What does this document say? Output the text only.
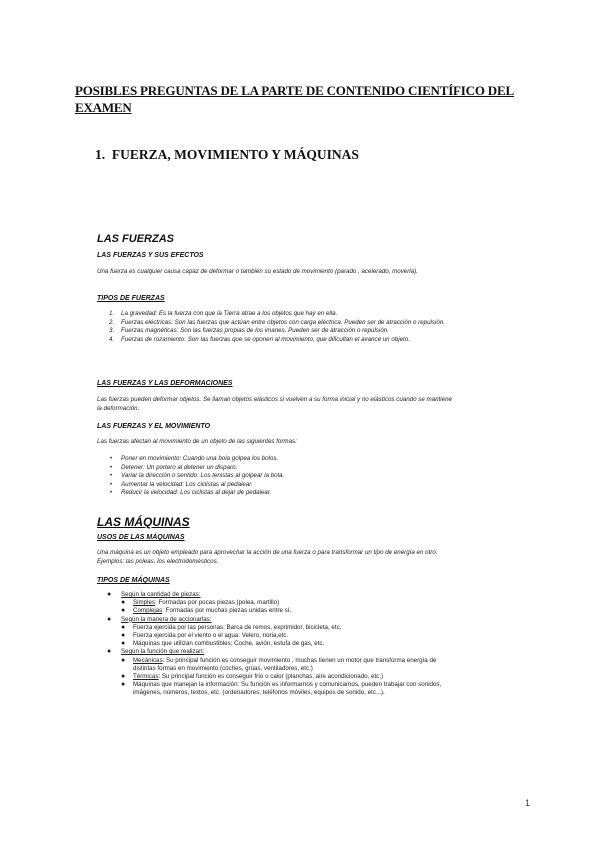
POSIBLES PREGUNTAS DE LA PARTE DE CONTENIDO CIENTÍFICO DEL EXAMEN
1. FUERZA, MOVIMIENTO Y MÁQUINAS
LAS FUERZAS
LAS FUERZAS Y SUS EFECTOS
Una fuerza es cualquier causa capaz de deformar o también su estado de movimiento (parado , acelerado, moverla).
TIPOS DE FUERZAS
1. La gravedad: Es la fuerza con que la Tierra atrae a los objetos que hay en ella.
2. Fuerzas eléctricas: Son las fuerzas que actúan entre objetos con carga eléctrica. Pueden ser de atracción o repulsión.
3. Fuerzas magnéticas: Son las fuerzas propias de los imanes. Pueden ser de atracción o repulsión.
4. Fuerzas de rozamiento: Son las fuerzas que se oponen al movimiento, que dificultan el avance un objeto.
LAS FUERZAS Y LAS DEFORMACIONES
Las fuerzas pueden deformar objetos. Se llaman objetos elásticos si vuelven a su forma inicial y no elásticos cuando se mantiene la deformación.
LAS FUERZAS Y EL MOVIMIENTO
Las fuerzas afectan al movimiento de un objeto de las siguientes formas:
• Poner en movimiento: Cuando una bola golpea los bolos.
• Detener: Un portero al detener un disparo.
• Variar la dirección o sentido: Los tenistas al golpear la bola.
• Aumentar la velocidad: Los ciclistas al pedalear.
• Reducir la velocidad: Los ciclistas al dejar de pedalear.
LAS MÁQUINAS
USOS DE LAS MÁQUINAS
Una máquina es un objeto empleado para aprovechar la acción de una fuerza o para transformar un tipo de energía en otro. Ejemplos: las poleas, los electrodomésticos.
TIPOS DE MÁQUINAS
● Según la cantidad de piezas:
● Simples: Formadas por pocas piezas (polea, martillo)
● Complejas: Formadas por muchas piezas unidas entre sí.
● Según la manera de accionarlas:
● Fuerza ejercida por las personas: Barca de remos, exprimidor, bicicleta, etc.
● Fuerza ejercida por el viento o el agua: Velero, noria,etc.
● Máquinas que utilizan combustibles: Coche, avión, estufa de gas, etc.
● Según la función que realizan:
● Mecánicas: Su principal función es conseguir movimiento , muchas tienen un motor que transforma energía de distintas formas en movimiento (coches, grúas, ventiladores, etc.)
● Térmicas: Su principal función es conseguir frío o calor (planchas, aire acondicionado, etc.)
● Máquinas que manejan la información: Su función es informarnos y comunicarnos, pueden trabajar con sonidos, imágenes, números, textos, etc. (ordenadores, teléfonos móviles, equipos de sonido, etc...).
1
